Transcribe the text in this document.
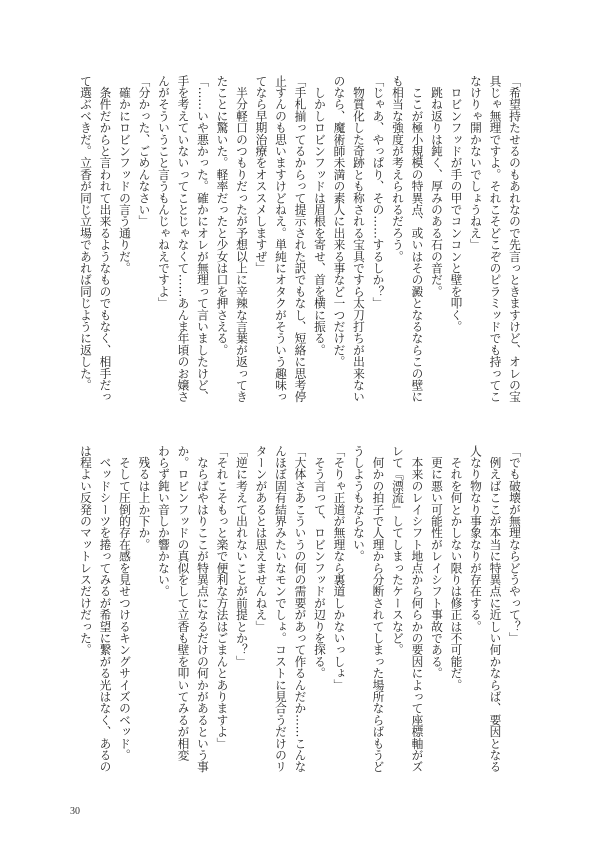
「希望持たせるのもあれなので先言っときますけど、オレの宝
具じゃ無理ですよ。それこそどこぞのピラミッドでも持ってこ
なけりゃ開かないでしょうねえ」
　ロビンフッドが手の甲でコンコンと壁を叩く。
　跳ね返りは鈍く、厚みのある石の音だ。
　ここが極小規模の特異点、或いはその澱となるならこの壁に
も相当な強度が考えられるだろう。
「じゃあ、やっぱり、その……するしか？」
　物質化した奇跡とも称される宝具ですら太刀打ちが出来ない
のなら、魔術師未満の素人に出来る事など一つだけだ。
　しかしロビンフッドは眉根を寄せ、首を横に振る。
「手札揃ってるからって提示された訳でもなし、短絡に思考停
止すんのも思いますけどねえ。単純にオタクがそういう趣味っ
てなら早期治療をオススメしますぜ」
　半分軽口のつもりだったが予想以上に辛辣な言葉が返ってき
たことに驚いた。軽率だったと少女は口を押さえる。
「……いや悪かった。確かにオレが無理って言いましたけど、
手を考えていないってことじゃなくて……あんま年頃のお嬢さ
んがそういうこと言うもんじゃねえですよ」
「分かった、ごめんなさい」
　確かにロビンフッドの言う通りだ。
　条件だからと言われて出来るようなものでもなく、相手だっ
て選ぶべきだ。立香が同じ立場であれば同じように返した。
「でも破壊が無理ならどうやって？」
　例えばここが本当に特異点に近しい何かならば、要因となる
人なり物なり事象なりが存在する。
　それを何とかしない限りは修正は不可能だ。
　更に悪い可能性がレイシフト事故である。
　本来のレイシフト地点から何らかの要因によって座標軸がズ
レて『漂流』してしまったケースなど。
　何かの拍子で人理から分断されてしまった場所ならばもうど
うしようもならない。
「そりゃ正道が無理なら裏道しかないっしょ」
　そう言って、ロビンフッドが辺りを探る。
「大体さあこういうの何の需要があって作るんだか……こんな
んほぼ固有結界みたいなモンでしょ。コストに見合うだけのリ
ターンがあるとは思えませんねえ」
「逆に考えて出れないことが前提とか？」
「それこそもっと楽で便利な方法はごまんとありますよ」
　ならばやはりここが特異点になるだけの何かがあるという事
か。ロビンフッドの真似をして立香も壁を叩いてみるが相変
わらず鈍い音しか響かない。
　残るは上か下か。
　そして圧倒的存在感を見せつけるキングサイズのベッド。
　ベッドシーツを捲ってみるが希望に繋がる光はなく、あるの
は程よい反発のマットレスだけだった。
30
